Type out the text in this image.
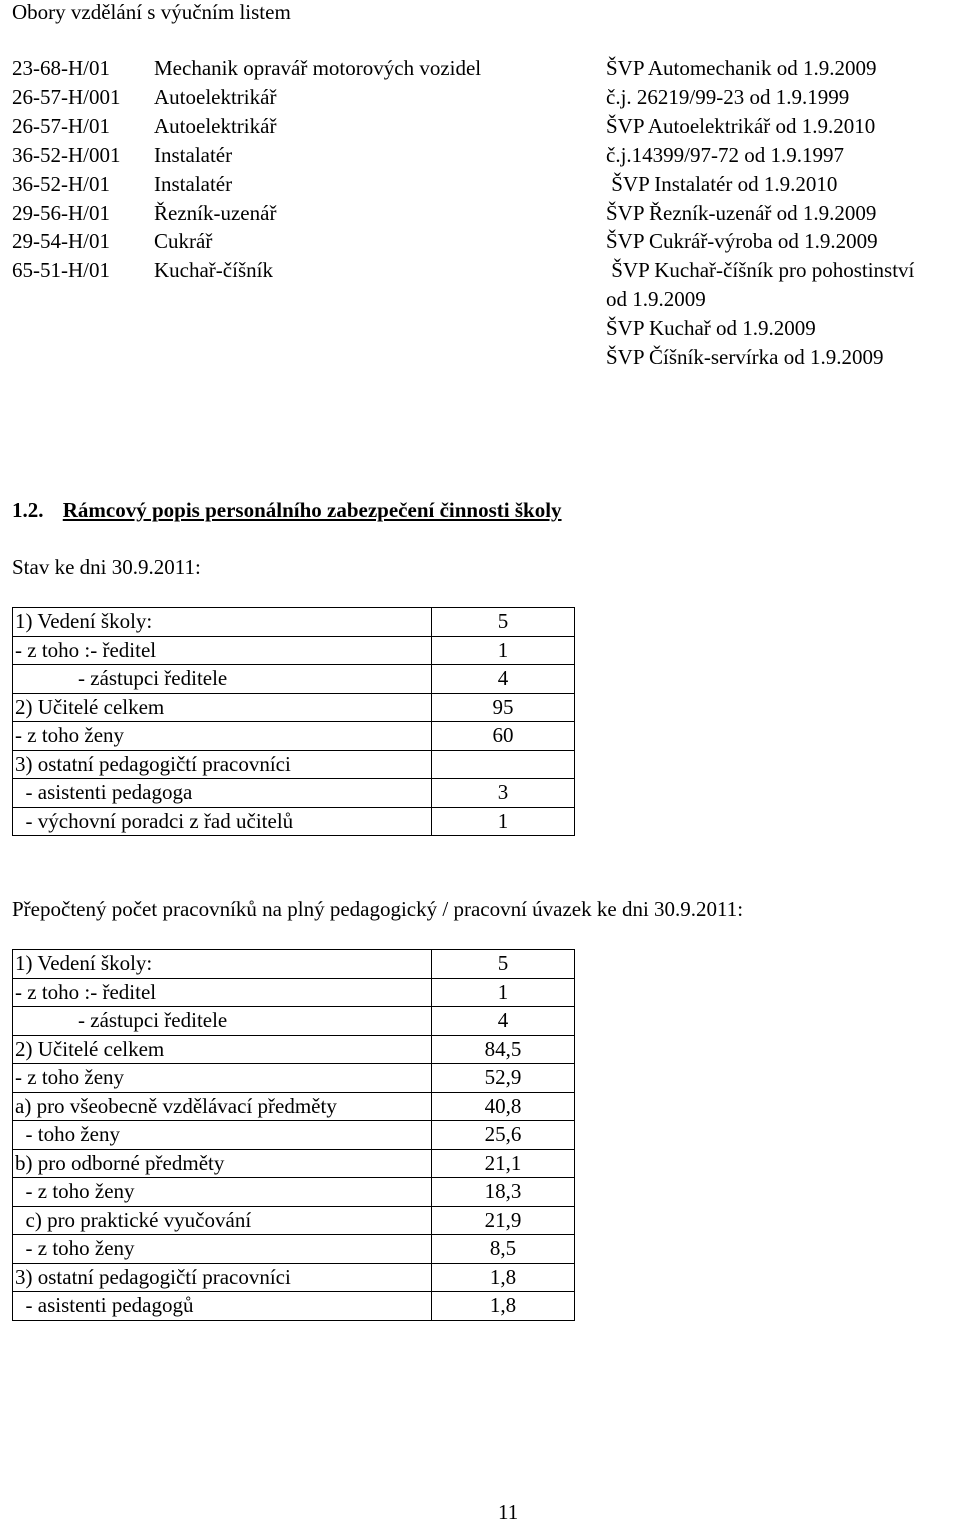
Obory vzdělání s výučním listem
23-68-H/01 Mechanik opravář motorových vozidel	ŠVP Automechanik od 1.9.2009
26-57-H/001 Autoelektrikář	č.j. 26219/99-23 od 1.9.1999
26-57-H/01 Autoelektrikář	ŠVP Autoelektrikář od 1.9.2010
36-52-H/001 Instalatér	č.j.14399/97-72 od 1.9.1997
36-52-H/01 Instalatér	ŠVP Instalatér od 1.9.2010
29-56-H/01 Řezník-uzenář	ŠVP Řezník-uzenář od 1.9.2009
29-54-H/01 Cukrář	ŠVP Cukrář-výroba od 1.9.2009
65-51-H/01 Kuchař-číšník	ŠVP Kuchař-číšník pro pohostinství
od 1.9.2009
ŠVP Kuchař od 1.9.2009
ŠVP Číšník-servírka od 1.9.2009
1.2. Rámcový popis personálního zabezpečení činnosti školy
Stav ke dni 30.9.2011:
1) Vedení školy:	5
- z toho :- ředitel	1
- zástupci ředitele	4
2) Učitelé celkem	95
- z toho ženy	60
3) ostatní pedagogičtí pracovníci	
- asistenti pedagoga	3
- výchovní poradci z řad učitelů	1
Přepočtený počet pracovníků na plný pedagogický / pracovní úvazek ke dni 30.9.2011:
1) Vedení školy:	5
- z toho :- ředitel	1
- zástupci ředitele	4
2) Učitelé celkem	84,5
- z toho ženy	52,9
a) pro všeobecně vzdělávací předměty	40,8
- toho ženy	25,6
b) pro odborné předměty	21,1
- z toho ženy	18,3
c) pro praktické vyučování	21,9
- z toho ženy	8,5
3) ostatní pedagogičtí pracovníci	1,8
- asistenti pedagogů	1,8
11
